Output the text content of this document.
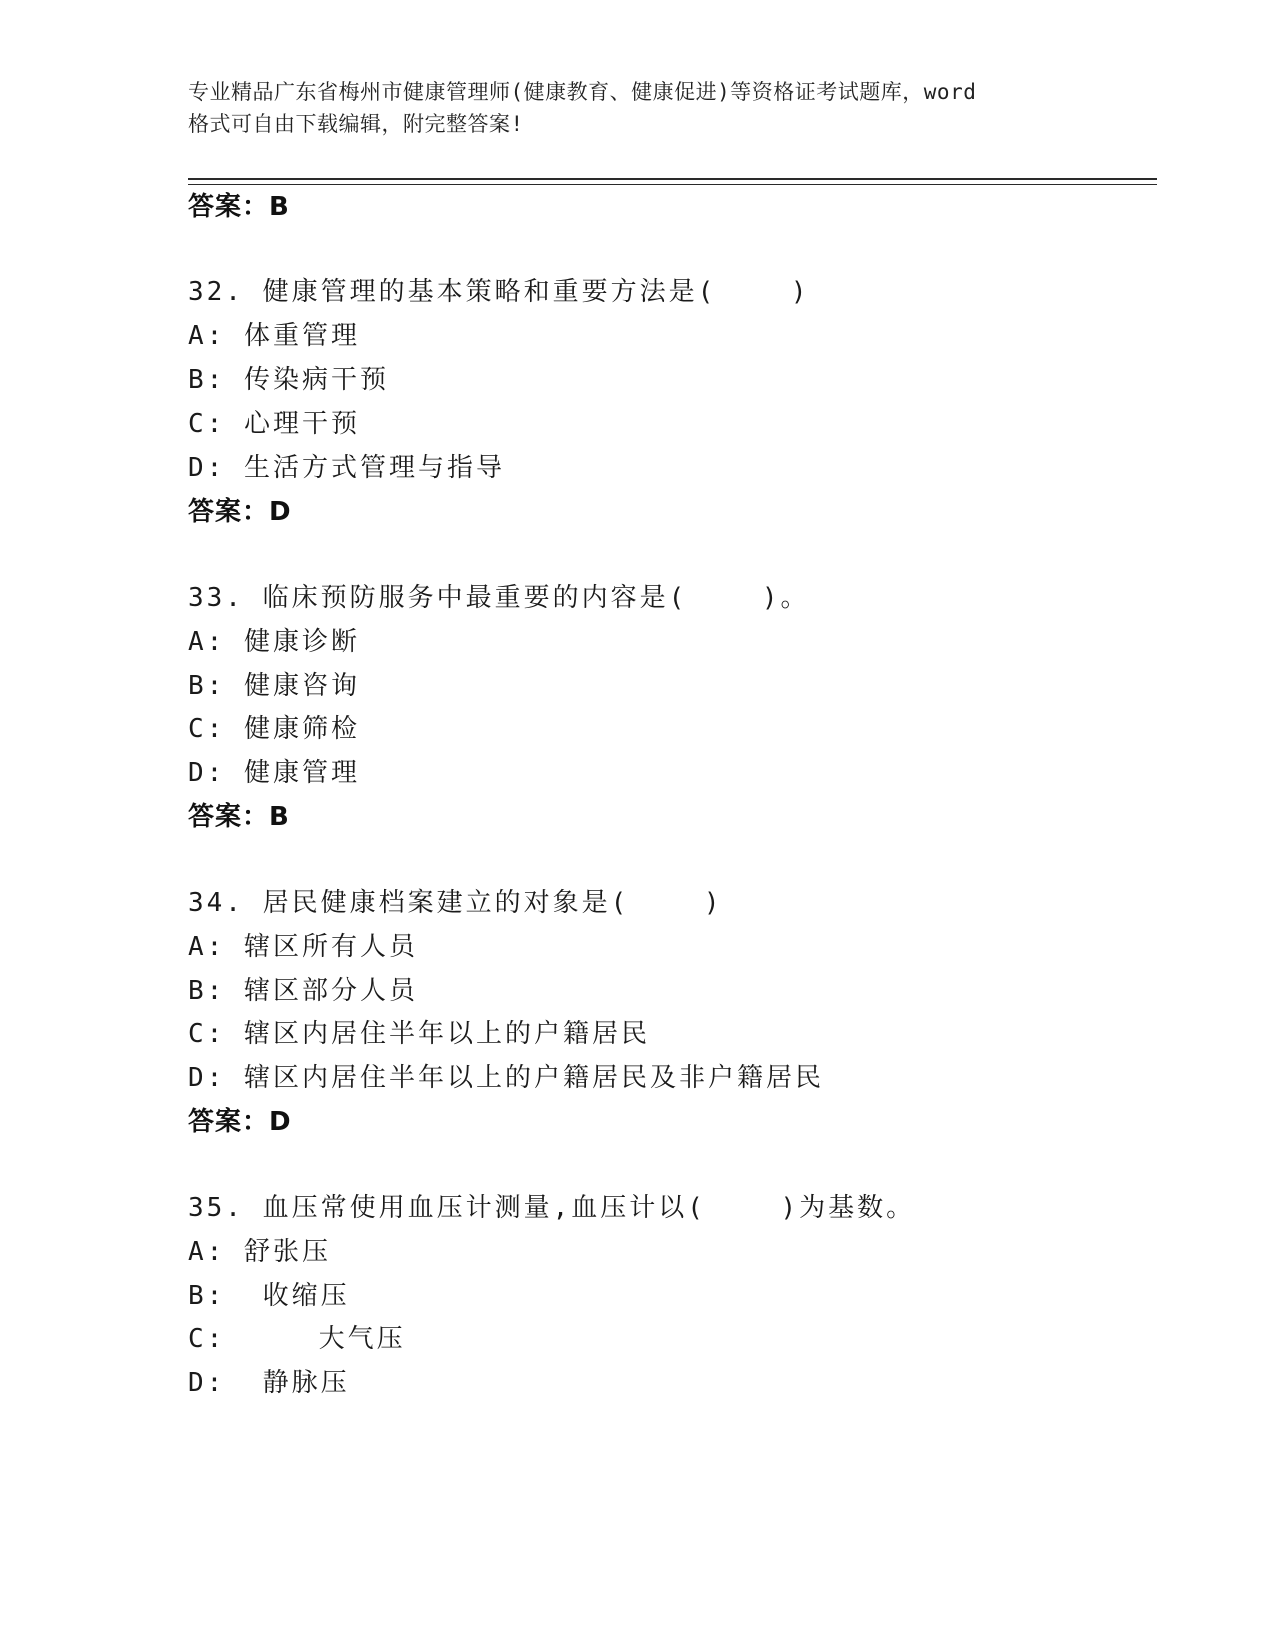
专业精品广东省梅州市健康管理师(健康教育、健康促进)等资格证考试题库，word
格式可自由下载编辑，附完整答案!
答案：B
32. 健康管理的基本策略和重要方法是(    )
A: 体重管理
B: 传染病干预
C: 心理干预
D: 生活方式管理与指导
答案：D
33. 临床预防服务中最重要的内容是(    )。
A: 健康诊断
B: 健康咨询
C: 健康筛检
D: 健康管理
答案：B
34. 居民健康档案建立的对象是(    )
A: 辖区所有人员
B: 辖区部分人员
C: 辖区内居住半年以上的户籍居民
D: 辖区内居住半年以上的户籍居民及非户籍居民
答案：D
35. 血压常使用血压计测量,血压计以(    )为基数。
A: 舒张压
B:  收缩压
C:     大气压
D:  静脉压
